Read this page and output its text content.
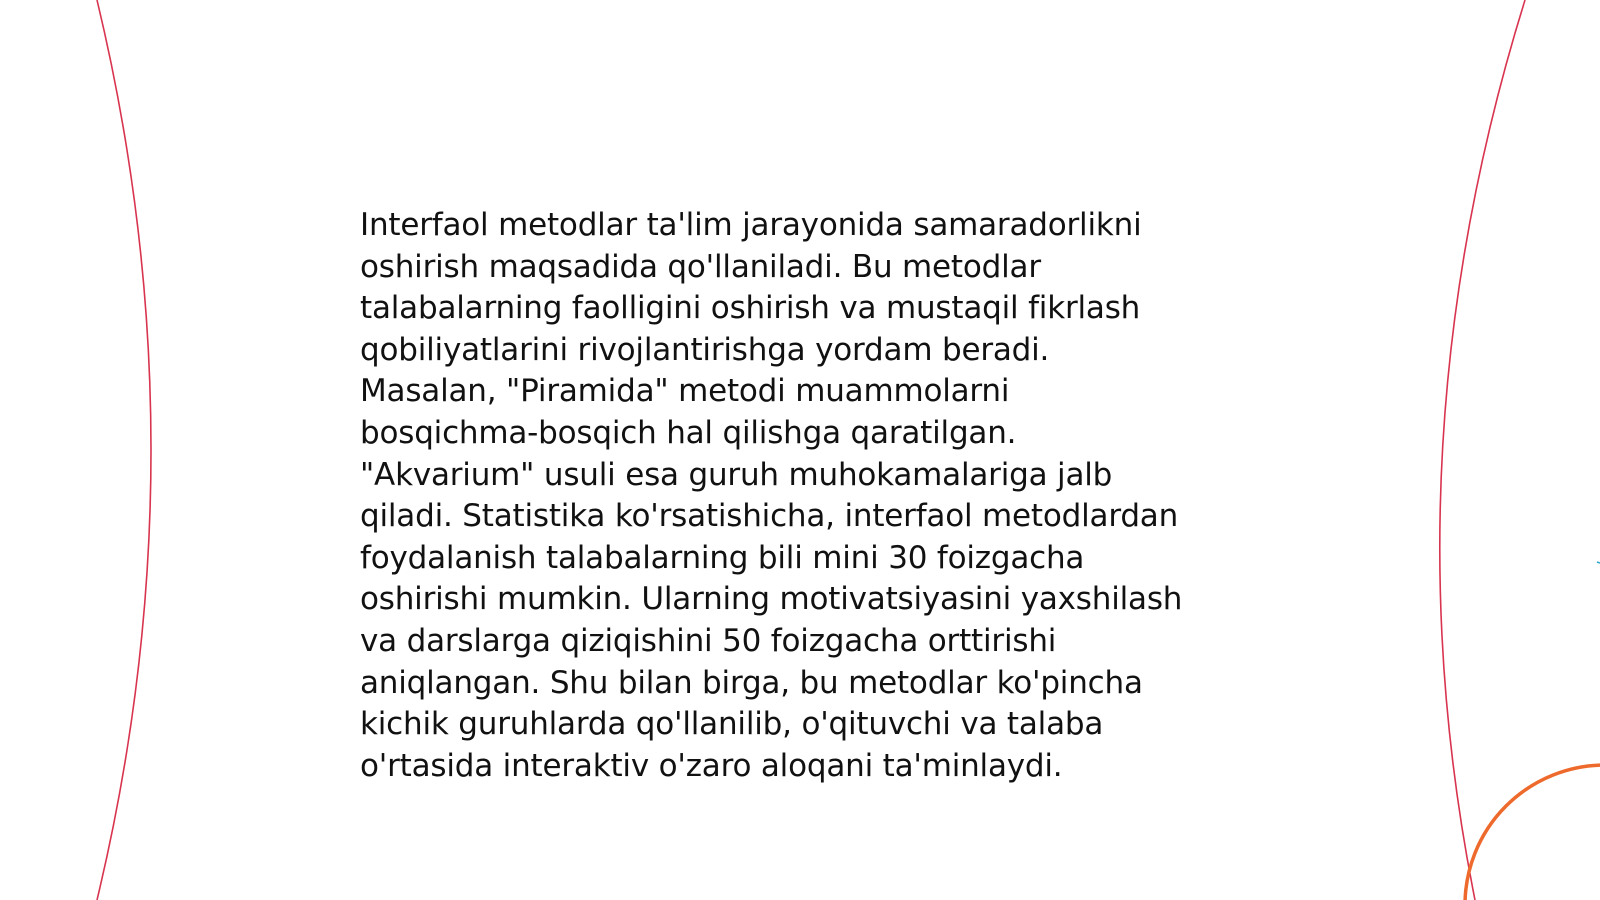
Interfaol metodlar ta'lim jarayonida samaradorlikni
oshirish maqsadida qo'llaniladi. Bu metodlar
talabalarning faolligini oshirish va mustaqil fikrlash
qobiliyatlarini rivojlantirishga yordam beradi.
Masalan, "Piramida" metodi muammolarni
bosqichma-bosqich hal qilishga qaratilgan.
"Akvarium" usuli esa guruh muhokamalariga jalb
qiladi. Statistika ko'rsatishicha, interfaol metodlardan
foydalanish talabalarning bili mini 30 foizgacha
oshirishi mumkin. Ularning motivatsiyasini yaxshilash
va darslarga qiziqishini 50 foizgacha orttirishi
aniqlangan. Shu bilan birga, bu metodlar ko'pincha
kichik guruhlarda qo'llanilib, o'qituvchi va talaba
o'rtasida interaktiv o'zaro aloqani ta'minlaydi.
